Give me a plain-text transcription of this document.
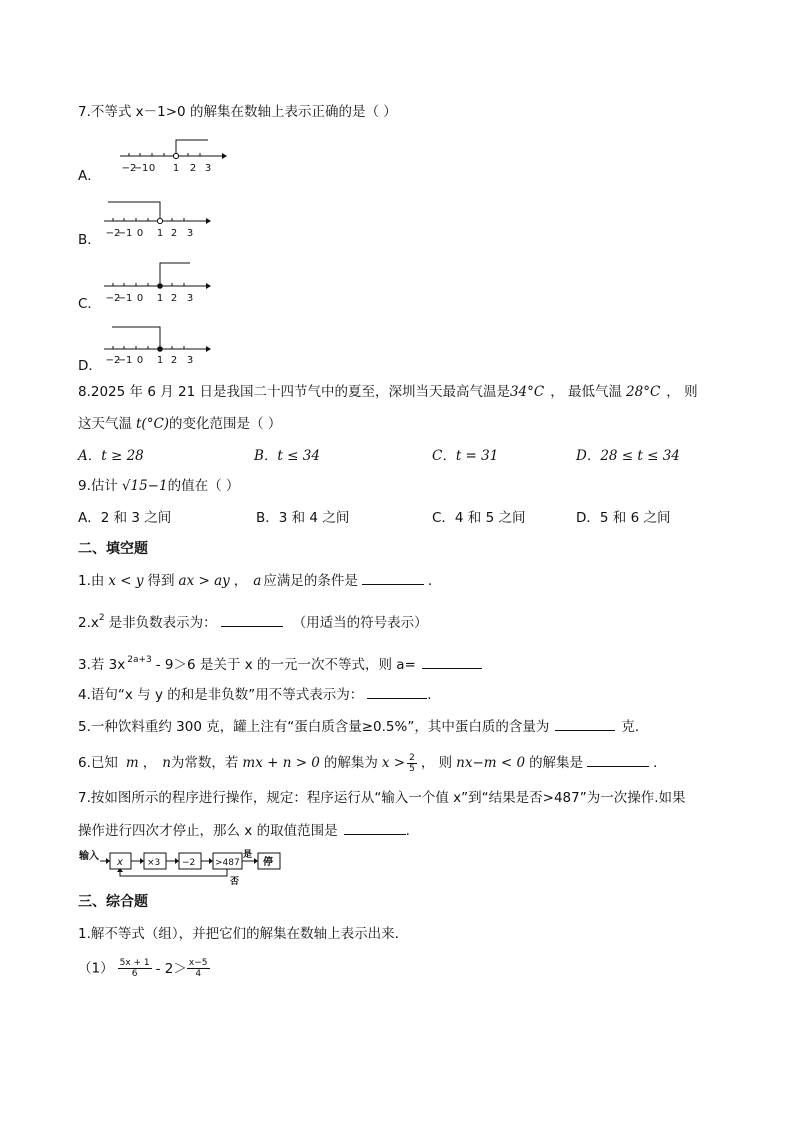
7.不等式 x－1>0 的解集在数轴上表示正确的是（ ）
A． −2
−1 0 1 2 3
B． −2
−1 0 1 2 3
C． −2
−1 0 1 2 3
D． −2
−1 0 1 2 3
8.2025 年 6 月 21 日是我国二十四节气中的夏至，深圳当天最高气温是34°C ， 最低气温 28°C ， 则
这天气温 t(°C)的变化范围是（ ）
A．t ≥ 28	B．t ≤ 34	C．t = 31	D．28 ≤ t ≤ 34
9.估计 √15−1的值在（ ）
A．2 和 3 之间	B．3 和 4 之间	C．4 和 5 之间	D．5 和 6 之间
二、填空题
1.由 x < y 得到 ax > ay ， a 应满足的条件是	．
$2.x^2$ 是非负数表示为：	（用适当的符号表示）
3.若 3x $^{2a+3}$ - 9＞6 是关于 x 的一元一次不等式，则 a=
4.语句“x 与 y 的和是非负数”用不等式表示为：	.
5.一种饮料重约 300 克，罐上注有“蛋白质含量≥0.5%”，其中蛋白质的含量为	克．
6.已知 m ， n为常数，若 mx + n > 0 的解集为 $x > \frac{2}{5}$ ， 则 nx−m < 0 的解集是	．
7.按如图所示的程序进行操作，规定：程序运行从“输入一个值 x”到“结果是否>487”为一次操作.如果
操作进行四次才停止，那么 x 的取值范围是	.
输入
x	×3 −2 >487
是
停
否
三、综合题
1.解不等式（组），并把它们的解集在数轴上表示出来．
$(1) \frac{5x + 1}{6} - 2> \frac{x-5}{4}$
